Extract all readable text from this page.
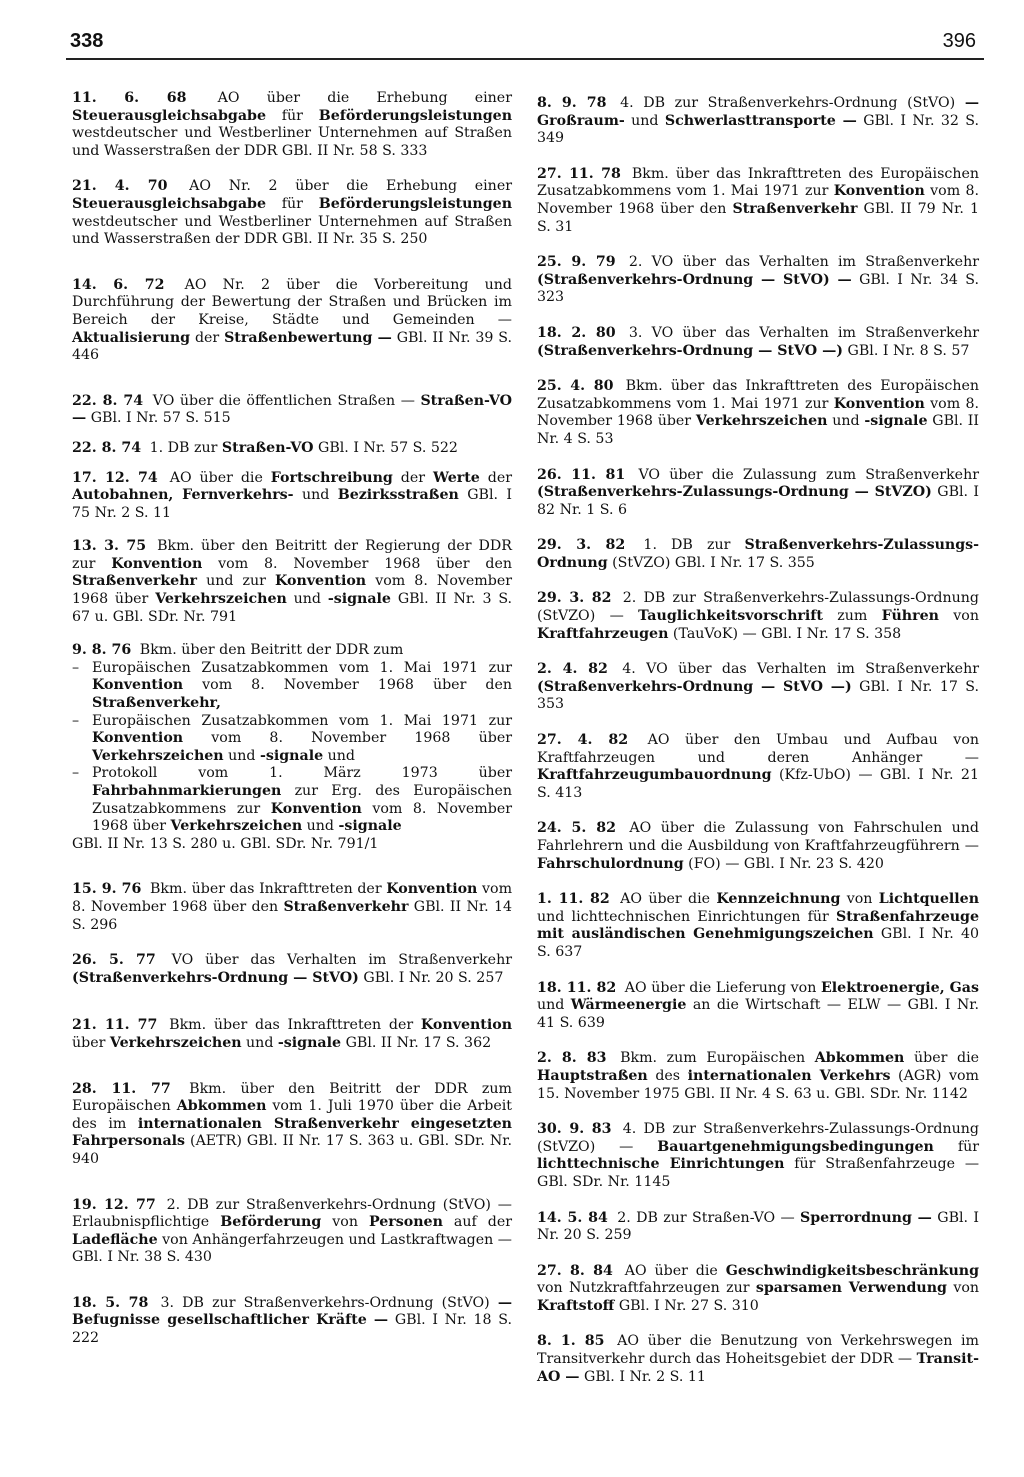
338	396

11. 6. 68 AO über die Erhebung einer Steuerausgleichsabgabe für Beförderungsleistungen westdeutscher und Westberliner Unternehmen auf Straßen und Wasserstraßen der DDR GBl. II Nr. 58 S. 333

21. 4. 70 AO Nr. 2 über die Erhebung einer Steuerausgleichsabgabe für Beförderungsleistungen westdeutscher und Westberliner Unternehmen auf Straßen und Wasserstraßen der DDR GBl. II Nr. 35 S. 250

14. 6. 72 AO Nr. 2 über die Vorbereitung und Durchführung der Bewertung der Straßen und Brücken im Bereich der Kreise, Städte und Gemeinden — Aktualisierung der Straßenbewertung — GBl. II Nr. 39 S. 446

22. 8. 74 VO über die öffentlichen Straßen — Straßen-VO — GBl. I Nr. 57 S. 515

22. 8. 74 1. DB zur Straßen-VO GBl. I Nr. 57 S. 522

17. 12. 74 AO über die Fortschreibung der Werte der Autobahnen, Fernverkehrs- und Bezirksstraßen GBl. I 75 Nr. 2 S. 11

13. 3. 75 Bkm. über den Beitritt der Regierung der DDR zur Konvention vom 8. November 1968 über den Straßenverkehr und zur Konvention vom 8. November 1968 über Verkehrszeichen und -signale GBl. II Nr. 3 S. 67 u. GBl. SDr. Nr. 791

9. 8. 76 Bkm. über den Beitritt der DDR zum
– Europäischen Zusatzabkommen vom 1. Mai 1971 zur Konvention vom 8. November 1968 über den Straßenverkehr,
– Europäischen Zusatzabkommen vom 1. Mai 1971 zur Konvention vom 8. November 1968 über Verkehrszeichen und -signale und
– Protokoll vom 1. März 1973 über Fahrbahnmarkierungen zur Erg. des Europäischen Zusatzabkommens zur Konvention vom 8. November 1968 über Verkehrszeichen und -signale
GBl. II Nr. 13 S. 280 u. GBl. SDr. Nr. 791/1

15. 9. 76 Bkm. über das Inkrafttreten der Konvention vom 8. November 1968 über den Straßenverkehr GBl. II Nr. 14 S. 296

26. 5. 77 VO über das Verhalten im Straßenverkehr (Straßenverkehrs-Ordnung — StVO) GBl. I Nr. 20 S. 257

21. 11. 77 Bkm. über das Inkrafttreten der Konvention über Verkehrszeichen und -signale GBl. II Nr. 17 S. 362

28. 11. 77 Bkm. über den Beitritt der DDR zum Europäischen Abkommen vom 1. Juli 1970 über die Arbeit des im internationalen Straßenverkehr eingesetzten Fahrpersonals (AETR) GBl. II Nr. 17 S. 363 u. GBl. SDr. Nr. 940

19. 12. 77 2. DB zur Straßenverkehrs-Ordnung (StVO) — Erlaubnispflichtige Beförderung von Personen auf der Ladefläche von Anhängerfahrzeugen und Lastkraftwagen — GBl. I Nr. 38 S. 430

18. 5. 78 3. DB zur Straßenverkehrs-Ordnung (StVO) — Befugnisse gesellschaftlicher Kräfte — GBl. I Nr. 18 S. 222

8. 9. 78 4. DB zur Straßenverkehrs-Ordnung (StVO) — Großraum- und Schwerlasttransporte — GBl. I Nr. 32 S. 349

27. 11. 78 Bkm. über das Inkrafttreten des Europäischen Zusatzabkommens vom 1. Mai 1971 zur Konvention vom 8. November 1968 über den Straßenverkehr GBl. II 79 Nr. 1 S. 31

25. 9. 79 2. VO über das Verhalten im Straßenverkehr (Straßenverkehrs-Ordnung — StVO) — GBl. I Nr. 34 S. 323

18. 2. 80 3. VO über das Verhalten im Straßenverkehr (Straßenverkehrs-Ordnung — StVO —) GBl. I Nr. 8 S. 57

25. 4. 80 Bkm. über das Inkrafttreten des Europäischen Zusatzabkommens vom 1. Mai 1971 zur Konvention vom 8. November 1968 über Verkehrszeichen und -signale GBl. II Nr. 4 S. 53

26. 11. 81 VO über die Zulassung zum Straßenverkehr (Straßenverkehrs-Zulassungs-Ordnung — StVZO) GBl. I 82 Nr. 1 S. 6

29. 3. 82 1. DB zur Straßenverkehrs-Zulassungs-Ordnung (StVZO) GBl. I Nr. 17 S. 355

29. 3. 82 2. DB zur Straßenverkehrs-Zulassungs-Ordnung (StVZO) — Tauglichkeitsvorschrift zum Führen von Kraftfahrzeugen (TauVoK) — GBl. I Nr. 17 S. 358

2. 4. 82 4. VO über das Verhalten im Straßenverkehr (Straßenverkehrs-Ordnung — StVO —) GBl. I Nr. 17 S. 353

27. 4. 82 AO über den Umbau und Aufbau von Kraftfahrzeugen und deren Anhänger — Kraftfahrzeugumbauordnung (Kfz-UbO) — GBl. I Nr. 21 S. 413

24. 5. 82 AO über die Zulassung von Fahrschulen und Fahrlehrern und die Ausbildung von Kraftfahrzeugführern — Fahrschulordnung (FO) — GBl. I Nr. 23 S. 420

1. 11. 82 AO über die Kennzeichnung von Lichtquellen und lichttechnischen Einrichtungen für Straßenfahrzeuge mit ausländischen Genehmigungszeichen GBl. I Nr. 40 S. 637

18. 11. 82 AO über die Lieferung von Elektroenergie, Gas und Wärmeenergie an die Wirtschaft — ELW — GBl. I Nr. 41 S. 639

2. 8. 83 Bkm. zum Europäischen Abkommen über die Hauptstraßen des internationalen Verkehrs (AGR) vom 15. November 1975 GBl. II Nr. 4 S. 63 u. GBl. SDr. Nr. 1142

30. 9. 83 4. DB zur Straßenverkehrs-Zulassungs-Ordnung (StVZO) — Bauartgenehmigungsbedingungen für lichttechnische Einrichtungen für Straßenfahrzeuge — GBl. SDr. Nr. 1145

14. 5. 84 2. DB zur Straßen-VO — Sperrordnung — GBl. I Nr. 20 S. 259

27. 8. 84 AO über die Geschwindigkeitsbeschränkung von Nutzkraftfahrzeugen zur sparsamen Verwendung von Kraftstoff GBl. I Nr. 27 S. 310

8. 1. 85 AO über die Benutzung von Verkehrswegen im Transitverkehr durch das Hoheitsgebiet der DDR — Transit-AO — GBl. I Nr. 2 S. 11
